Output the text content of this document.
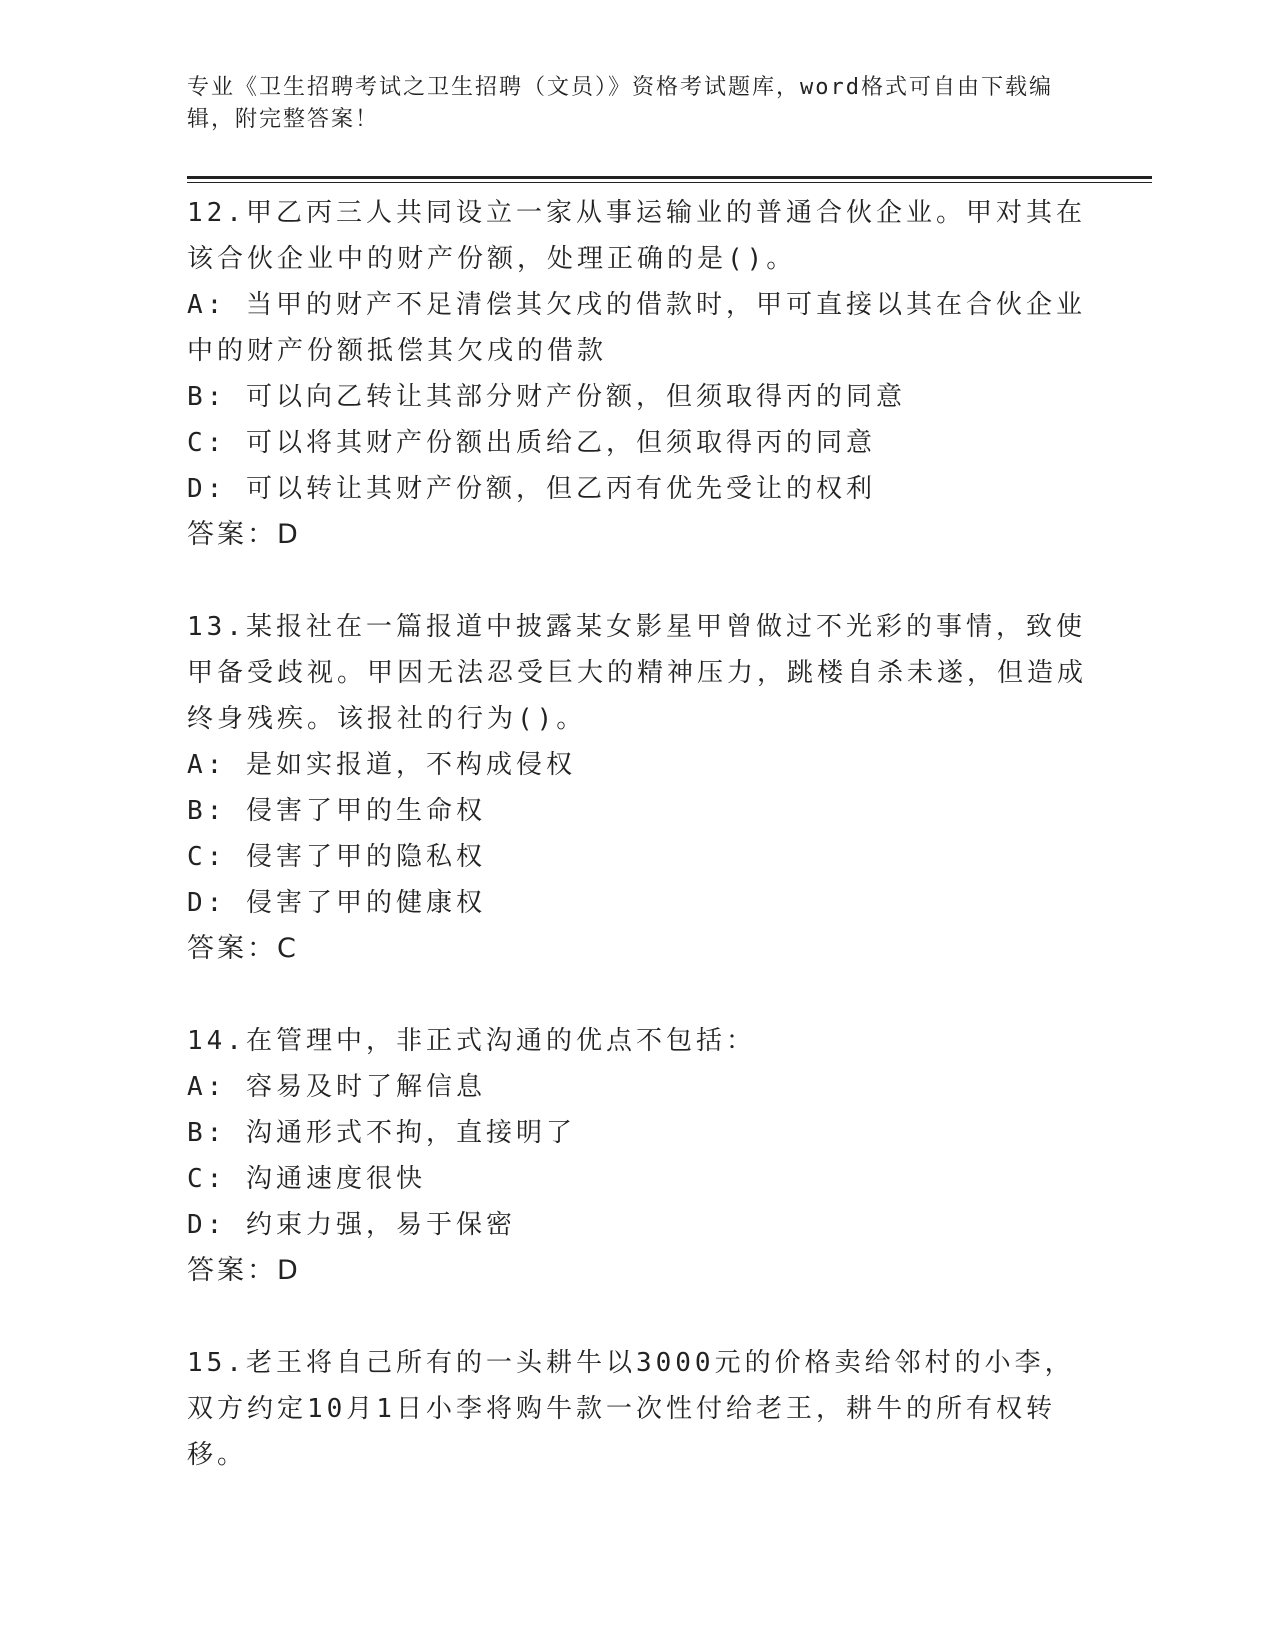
专业《卫生招聘考试之卫生招聘（文员）》资格考试题库，word格式可自由下载编辑，附完整答案！

12.甲乙丙三人共同设立一家从事运输业的普通合伙企业。甲对其在该合伙企业中的财产份额，处理正确的是()。

A: 当甲的财产不足清偿其欠戌的借款时，甲可直接以其在合伙企业中的财产份额抵偿其欠戌的借款

B: 可以向乙转让其部分财产份额，但须取得丙的同意

C: 可以将其财产份额出质给乙，但须取得丙的同意

D: 可以转让其财产份额，但乙丙有优先受让的权利

答案：D

13.某报社在一篇报道中披露某女影星甲曾做过不光彩的事情，致使甲备受歧视。甲因无法忍受巨大的精神压力，跳楼自杀未遂，但造成终身残疾。该报社的行为()。

A: 是如实报道，不构成侵权

B: 侵害了甲的生命权

C: 侵害了甲的隐私权

D: 侵害了甲的健康权

答案：C

14.在管理中，非正式沟通的优点不包括：

A: 容易及时了解信息

B: 沟通形式不拘，直接明了

C: 沟通速度很快

D: 约束力强，易于保密

答案：D

15.老王将自己所有的一头耕牛以3000元的价格卖给邻村的小李，双方约定10月1日小李将购牛款一次性付给老王，耕牛的所有权转移。
